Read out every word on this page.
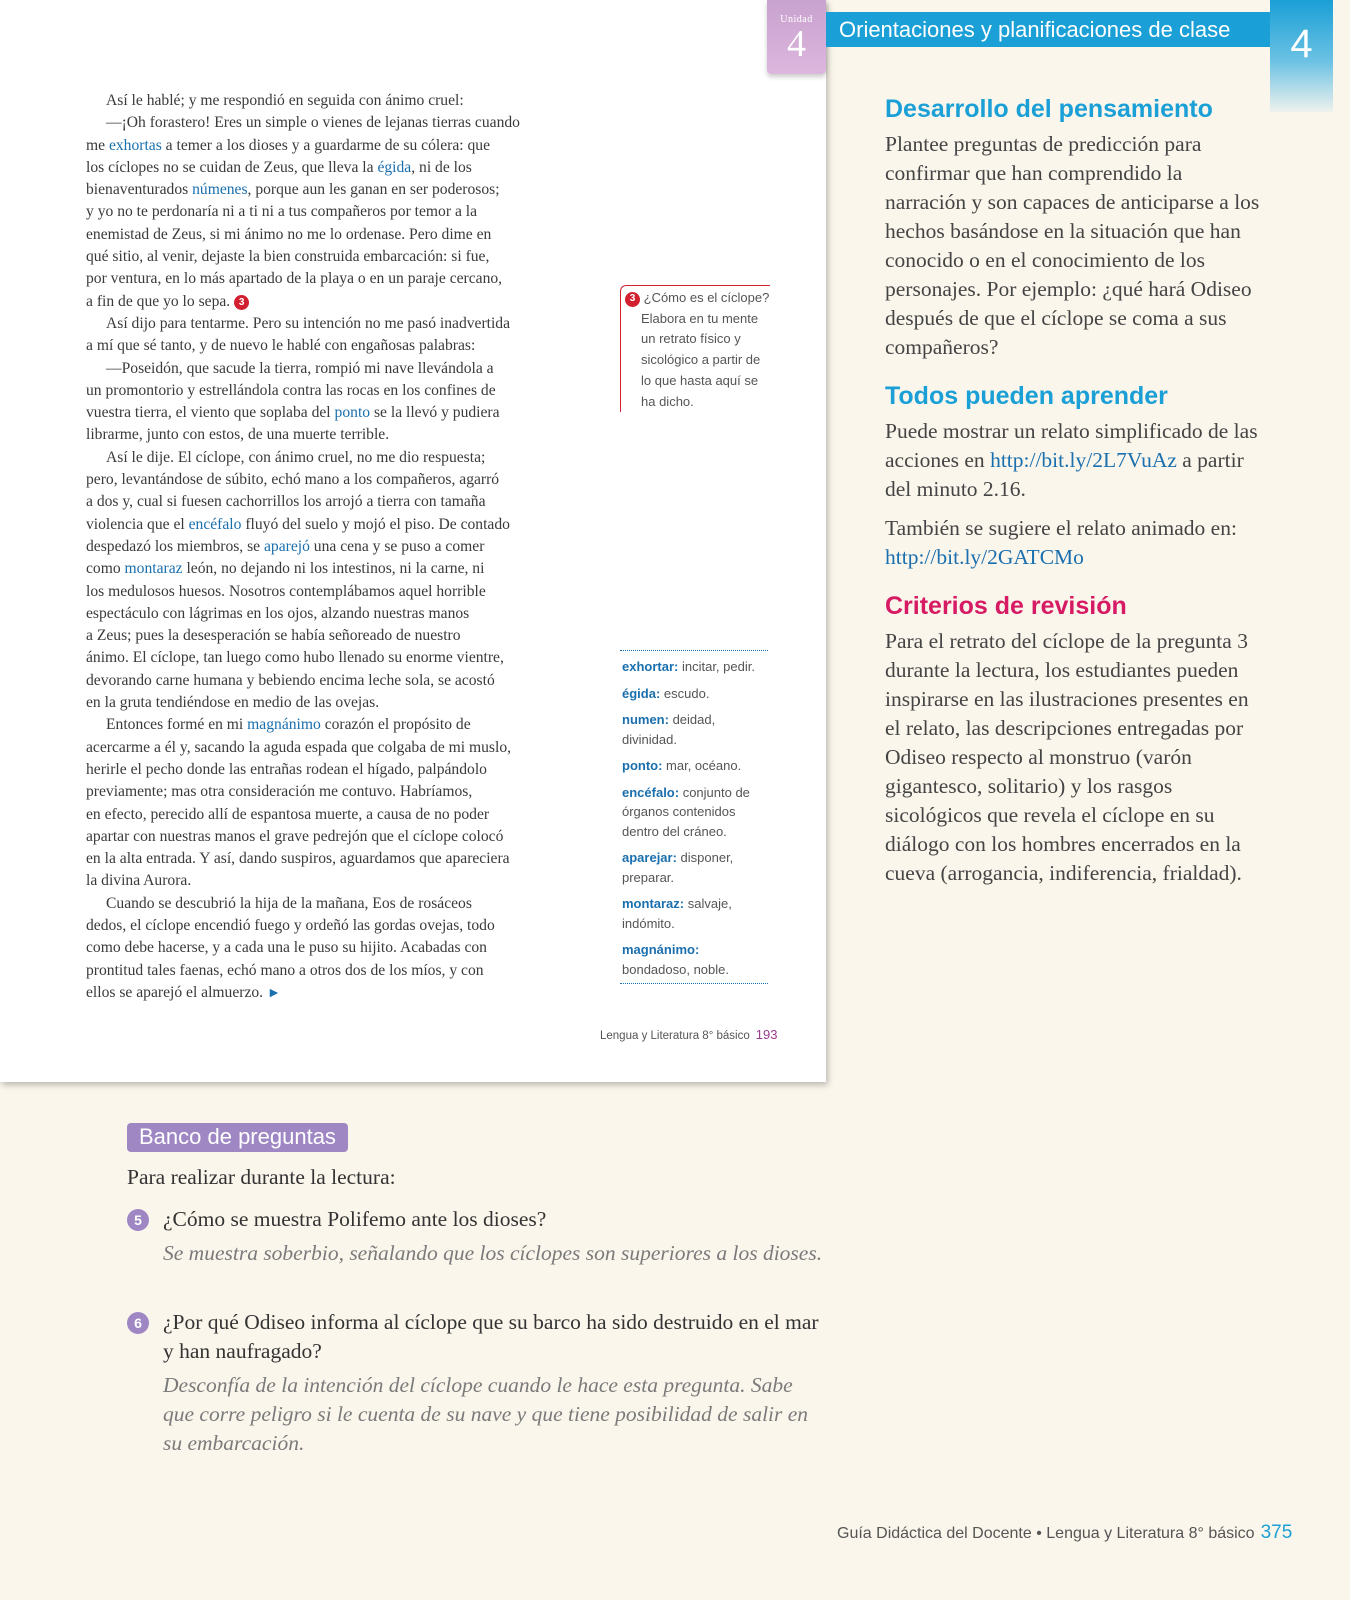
Unidad
4

Así le hablé; y me respondió en seguida con ánimo cruel:

—¡Oh forastero! Eres un simple o vienes de lejanas tierras cuando

me exhortas a temer a los dioses y a guardarme de su cólera: que

los cíclopes no se cuidan de Zeus, que lleva la égida, ni de los

bienaventurados númenes, porque aun les ganan en ser poderosos;

y yo no te perdonaría ni a ti ni a tus compañeros por temor a la

enemistad de Zeus, si mi ánimo no me lo ordenase. Pero dime en

qué sitio, al venir, dejaste la bien construida embarcación: si fue,

por ventura, en lo más apartado de la playa o en un paraje cercano,

a fin de que yo lo sepa. 3

Así dijo para tentarme. Pero su intención no me pasó inadvertida

a mí que sé tanto, y de nuevo le hablé con engañosas palabras:

—Poseidón, que sacude la tierra, rompió mi nave llevándola a

un promontorio y estrellándola contra las rocas en los confines de

vuestra tierra, el viento que soplaba del ponto se la llevó y pudiera

librarme, junto con estos, de una muerte terrible.

Así le dije. El cíclope, con ánimo cruel, no me dio respuesta;

pero, levantándose de súbito, echó mano a los compañeros, agarró

a dos y, cual si fuesen cachorrillos los arrojó a tierra con tamaña

violencia que el encéfalo fluyó del suelo y mojó el piso. De contado

despedazó los miembros, se aparejó una cena y se puso a comer

como montaraz león, no dejando ni los intestinos, ni la carne, ni

los medulosos huesos. Nosotros contemplábamos aquel horrible

espectáculo con lágrimas en los ojos, alzando nuestras manos

a Zeus; pues la desesperación se había señoreado de nuestro

ánimo. El cíclope, tan luego como hubo llenado su enorme vientre,

devorando carne humana y bebiendo encima leche sola, se acostó

en la gruta tendiéndose en medio de las ovejas.

Entonces formé en mi magnánimo corazón el propósito de

acercarme a él y, sacando la aguda espada que colgaba de mi muslo,

herirle el pecho donde las entrañas rodean el hígado, palpándolo

previamente; mas otra consideración me contuvo. Habríamos,

en efecto, perecido allí de espantosa muerte, a causa de no poder

apartar con nuestras manos el grave pedrejón que el cíclope colocó

en la alta entrada. Y así, dando suspiros, aguardamos que apareciera

la divina Aurora.

Cuando se descubrió la hija de la mañana, Eos de rosáceos

dedos, el cíclope encendió fuego y ordeñó las gordas ovejas, todo

como debe hacerse, y a cada una le puso su hijito. Acabadas con

prontitud tales faenas, echó mano a otros dos de los míos, y con

ellos se aparejó el almuerzo. ►

3 ¿Cómo es el cíclope?
Elabora en tu mente
un retrato físico y
sicológico a partir de
lo que hasta aquí se
ha dicho.
exhortar: incitar, pedir.
égida: escudo.
numen: deidad, divinidad.
ponto: mar, océano.
encéfalo: conjunto de órganos contenidos dentro del cráneo.
aparejar: disponer, preparar.
montaraz: salvaje, indómito.
magnánimo: bondadoso, noble.
Lengua y Literatura 8° básico 193
Orientaciones y planificaciones de clase	4
Desarrollo del pensamiento

Plantee preguntas de predicción para confirmar que han comprendido la narración y son capaces de anticiparse a los hechos basándose en la situación que han conocido o en el conocimiento de los personajes. Por ejemplo: ¿qué hará Odiseo después de que el cíclope se coma a sus compañeros?

Todos pueden aprender

Puede mostrar un relato simplificado de las acciones en http://bit.ly/2L7VuAz a partir del minuto 2.16.

También se sugiere el relato animado en: http://bit.ly/2GATCMo

Criterios de revisión

Para el retrato del cíclope de la pregunta 3 durante la lectura, los estudiantes pueden inspirarse en las ilustraciones presentes en el relato, las descripciones entregadas por Odiseo respecto al monstruo (varón gigantesco, solitario) y los rasgos sicológicos que revela el cíclope en su diálogo con los hombres encerrados en la cueva (arrogancia, indiferencia, frialdad).

Banco de preguntas
Para realizar durante la lectura:
5 ¿Cómo se muestra Polifemo ante los dioses?
Se muestra soberbio, señalando que los cíclopes son superiores a los dioses.
6 ¿Por qué Odiseo informa al cíclope que su barco ha sido destruido en el mar y han naufragado?
Desconfía de la intención del cíclope cuando le hace esta pregunta. Sabe que corre peligro si le cuenta de su nave y que tiene posibilidad de salir en su embarcación.
Guía Didáctica del Docente • Lengua y Literatura 8° básico 375
